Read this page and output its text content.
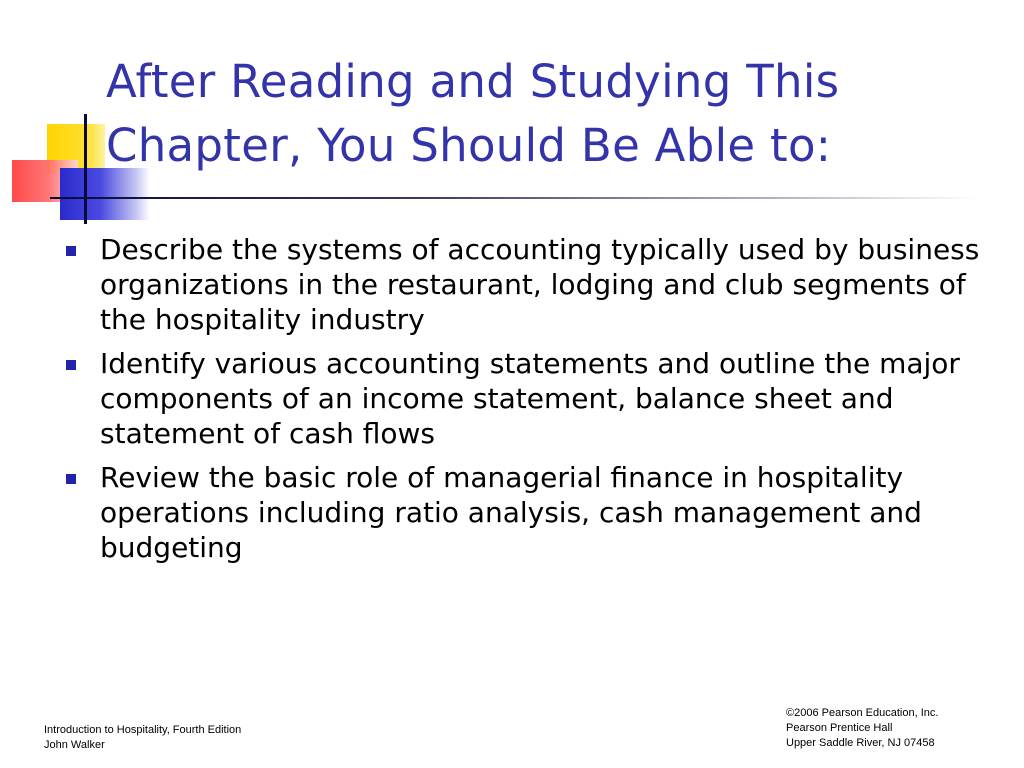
After Reading and Studying This Chapter, You Should Be Able to:
Describe the systems of accounting typically used by business organizations in the restaurant, lodging and club segments of the hospitality industry
Identify various accounting statements and outline the major components of an income statement, balance sheet and statement of cash flows
Review the basic role of managerial finance in hospitality operations including ratio analysis, cash management and budgeting
Introduction to Hospitality, Fourth Edition
John Walker
©2006 Pearson Education, Inc.
Pearson Prentice Hall
Upper Saddle River, NJ 07458
